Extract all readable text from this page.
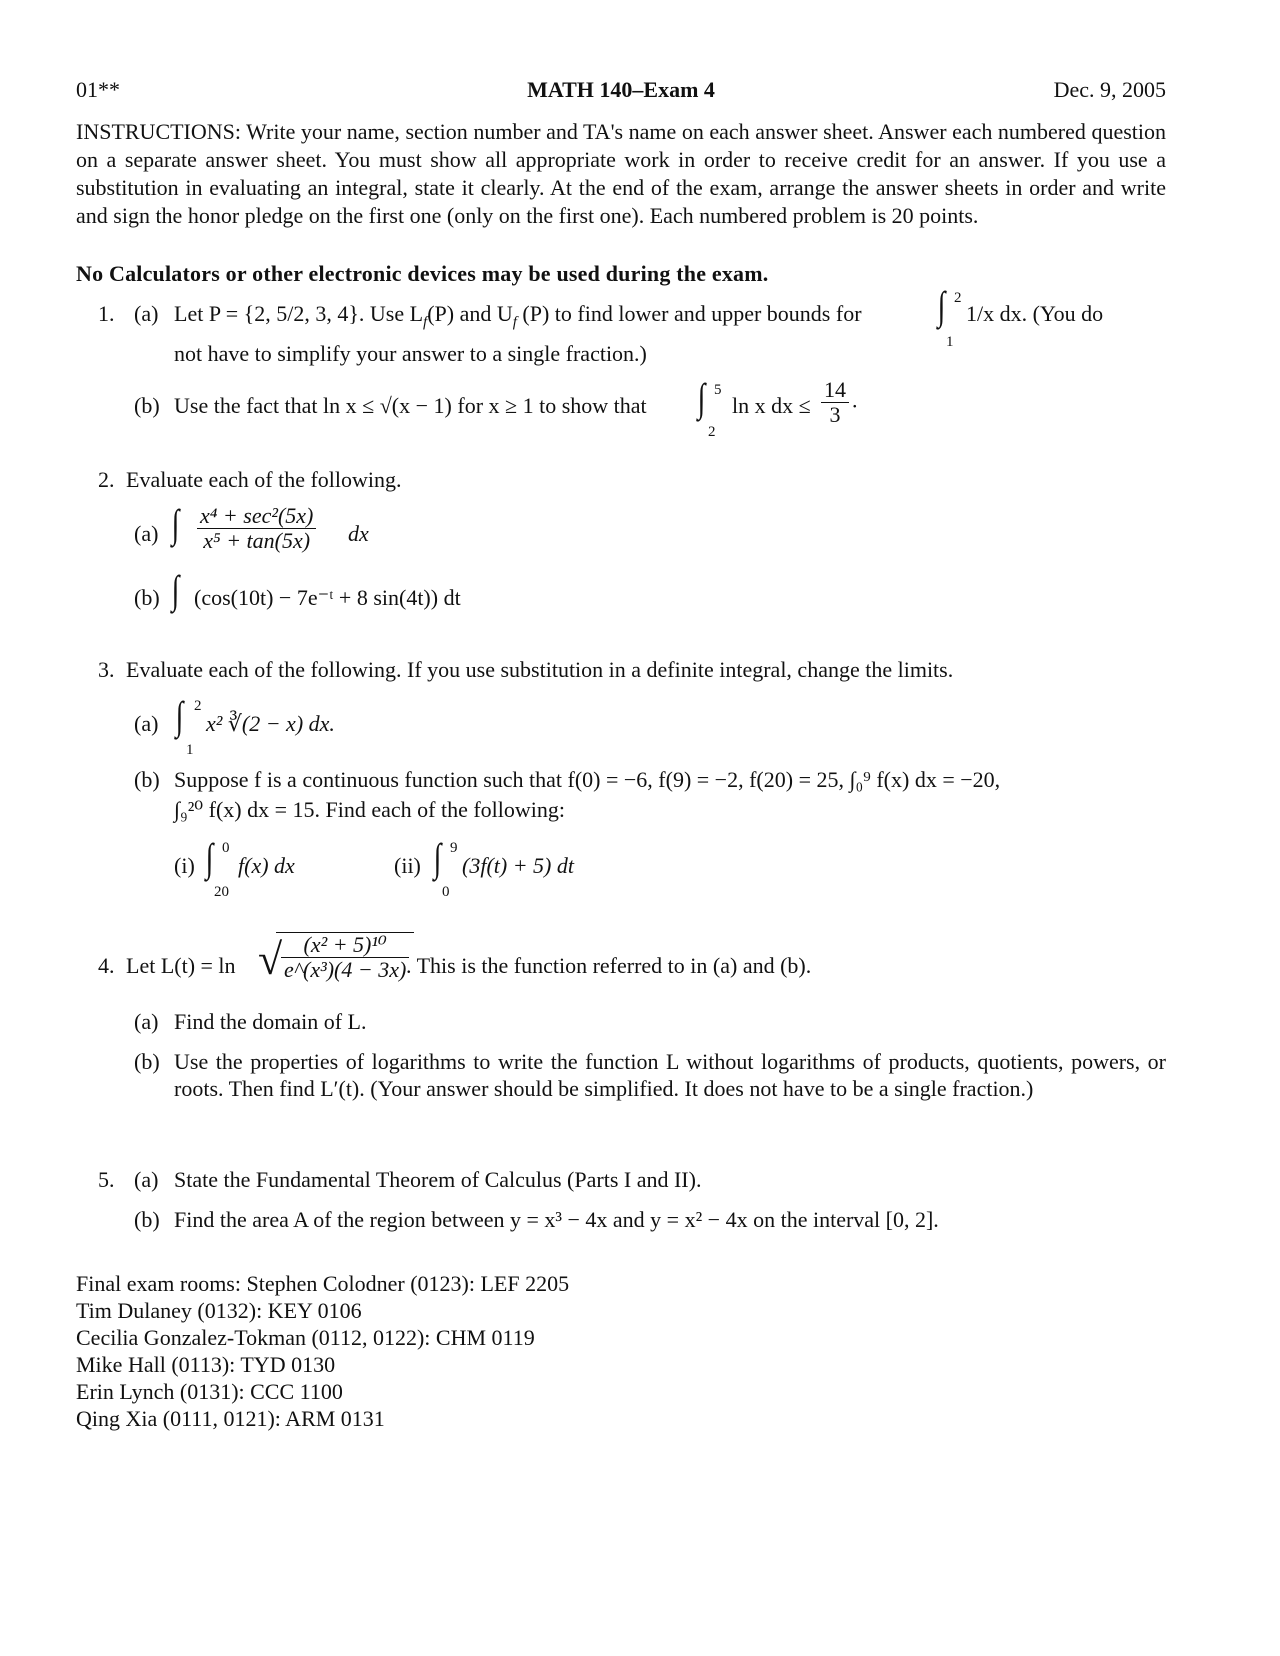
01**	MATH 140–Exam 4	Dec. 9, 2005
INSTRUCTIONS: Write your name, section number and TA's name on each answer sheet. Answer each numbered question on a separate answer sheet. You must show all appropriate work in order to receive credit for an answer. If you use a substitution in evaluating an integral, state it clearly. At the end of the exam, arrange the answer sheets in order and write and sign the honor pledge on the first one (only on the first one). Each numbered problem is 20 points.
No Calculators or other electronic devices may be used during the exam.
1. (a) Let P = {2, 5/2, 3, 4}. Use $L_f(P)$ and $U_f$ (P) to find lower and upper bounds for ∫ 2
1
1/x dx. (You do
not have to simplify your answer to a single fraction.)
(b) Use the fact that ln x ≤ √(x − 1) for x ≥ 1 to show that ∫ 5
2
ln x dx ≤ $\frac{14}{3}$ .
2. Evaluate each of the following.
(a) ∫ $\frac{\text{x⁴ + sec²(5x)}}{\text{x⁵ + tan(5x)}}$ dx
(b) ∫ (cos(10t) − 7e⁻ᵗ + 8 sin(4t)) dt
3. Evaluate each of the following. If you use substitution in a definite integral, change the limits.
(a) ∫ 2
1
x² ∛(2 − x) dx.
(b) Suppose f is a continuous function such that f(0) = −6, f(9) = −2, f(20) = 25, ∫₀⁹ f(x) dx = −20,
∫₉²⁰ f(x) dx = 15. Find each of the following:
(i) ∫ 0
20
f(x) dx	(ii) ∫ 9
0
(3f(t) + 5) dt
4. Let L(t) = ln √
$\frac{\text{(x² + 5)¹⁰}}{\text{e\textasciicircum{}(x³)(4 − 3x)}}$
. This is the function referred to in (a) and (b).
(a) Find the domain of L.
(b) Use the properties of logarithms to write the function L without logarithms of products, quotients, powers, or roots. Then find L′(t). (Your answer should be simplified. It does not have to be a single fraction.)
5. (a) State the Fundamental Theorem of Calculus (Parts I and II).
(b) Find the area A of the region between y = x³ − 4x and y = x² − 4x on the interval [0, 2].
Final exam rooms: Stephen Colodner (0123): LEF 2205
Tim Dulaney (0132): KEY 0106
Cecilia Gonzalez-Tokman (0112, 0122): CHM 0119
Mike Hall (0113): TYD 0130
Erin Lynch (0131): CCC 1100
Qing Xia (0111, 0121): ARM 0131
